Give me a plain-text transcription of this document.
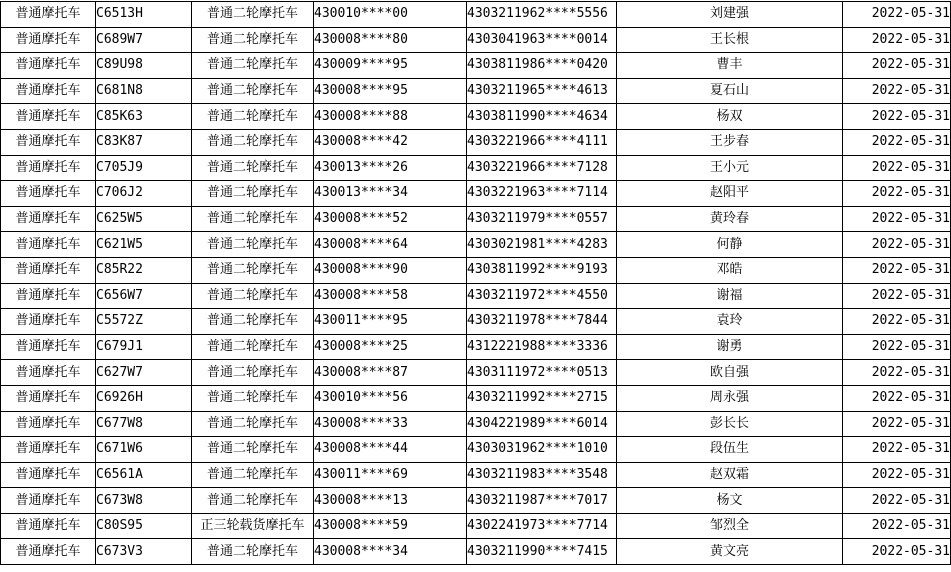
普通摩托车	C6513H	普通二轮摩托车	430010****00	4303211962****5556	刘建强	2022-05-31
普通摩托车	C689W7	普通二轮摩托车	430008****80	4303041963****0014	王长根	2022-05-31
普通摩托车	C89U98	普通二轮摩托车	430009****95	4303811986****0420	曹丰	2022-05-31
普通摩托车	C681N8	普通二轮摩托车	430008****95	4303211965****4613	夏石山	2022-05-31
普通摩托车	C85K63	普通二轮摩托车	430008****88	4303811990****4634	杨双	2022-05-31
普通摩托车	C83K87	普通二轮摩托车	430008****42	4303221966****4111	王步春	2022-05-31
普通摩托车	C705J9	普通二轮摩托车	430013****26	4303221966****7128	王小元	2022-05-31
普通摩托车	C706J2	普通二轮摩托车	430013****34	4303221963****7114	赵阳平	2022-05-31
普通摩托车	C625W5	普通二轮摩托车	430008****52	4303211979****0557	黄玲春	2022-05-31
普通摩托车	C621W5	普通二轮摩托车	430008****64	4303021981****4283	何静	2022-05-31
普通摩托车	C85R22	普通二轮摩托车	430008****90	4303811992****9193	邓皓	2022-05-31
普通摩托车	C656W7	普通二轮摩托车	430008****58	4303211972****4550	谢福	2022-05-31
普通摩托车	C5572Z	普通二轮摩托车	430011****95	4303211978****7844	袁玲	2022-05-31
普通摩托车	C679J1	普通二轮摩托车	430008****25	4312221988****3336	谢勇	2022-05-31
普通摩托车	C627W7	普通二轮摩托车	430008****87	4303111972****0513	欧自强	2022-05-31
普通摩托车	C6926H	普通二轮摩托车	430010****56	4303211992****2715	周永强	2022-05-31
普通摩托车	C677W8	普通二轮摩托车	430008****33	4304221989****6014	彭长长	2022-05-31
普通摩托车	C671W6	普通二轮摩托车	430008****44	4303031962****1010	段伍生	2022-05-31
普通摩托车	C6561A	普通二轮摩托车	430011****69	4303211983****3548	赵双霜	2022-05-31
普通摩托车	C673W8	普通二轮摩托车	430008****13	4303211987****7017	杨文	2022-05-31
普通摩托车	C80S95	正三轮载货摩托车	430008****59	4302241973****7714	邹烈全	2022-05-31
普通摩托车	C673V3	普通二轮摩托车	430008****34	4303211990****7415	黄文亮	2022-05-31
